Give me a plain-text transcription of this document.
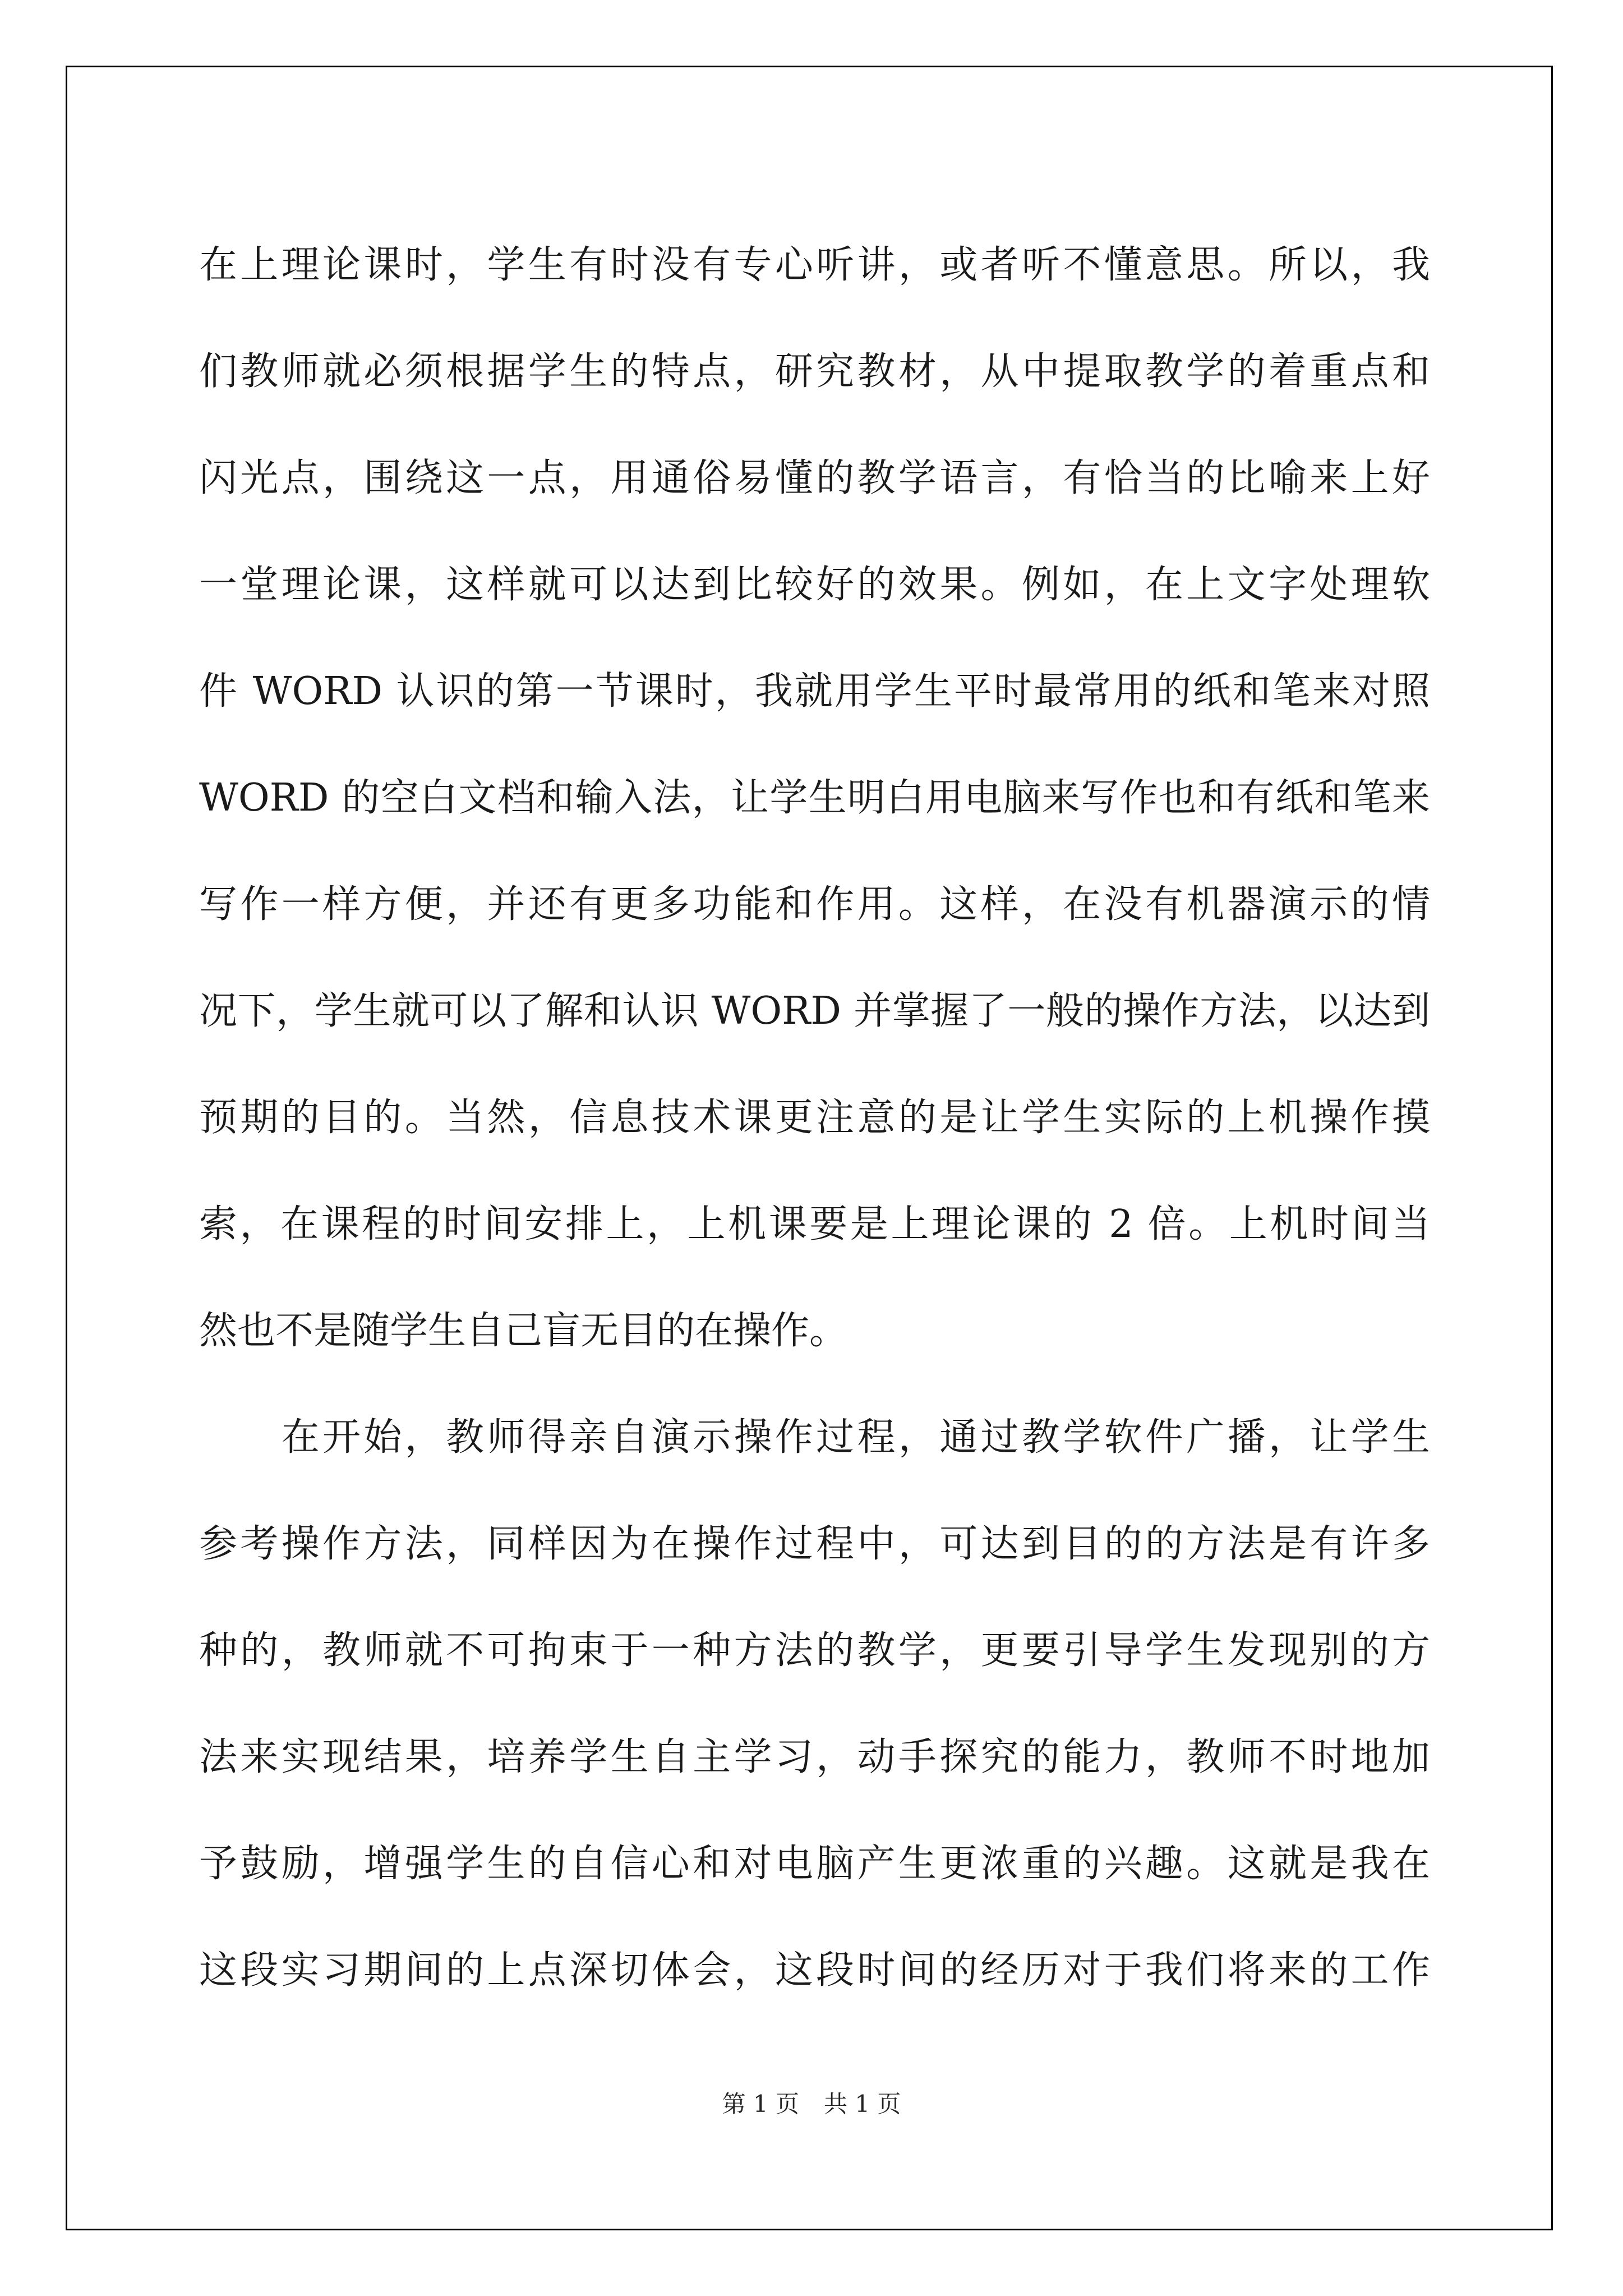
在上理论课时，学生有时没有专心听讲，或者听不懂意思。所以，我
们教师就必须根据学生的特点，研究教材，从中提取教学的着重点和
闪光点，围绕这一点，用通俗易懂的教学语言，有恰当的比喻来上好
一堂理论课，这样就可以达到比较好的效果。例如，在上文字处理软
件 WORD 认识的第一节课时，我就用学生平时最常用的纸和笔来对照
WORD 的空白文档和输入法，让学生明白用电脑来写作也和有纸和笔来
写作一样方便，并还有更多功能和作用。这样，在没有机器演示的情
况下，学生就可以了解和认识 WORD 并掌握了一般的操作方法，以达到
预期的目的。当然，信息技术课更注意的是让学生实际的上机操作摸
索，在课程的时间安排上，上机课要是上理论课的 2 倍。上机时间当
然也不是随学生自己盲无目的在操作。
　　在开始，教师得亲自演示操作过程，通过教学软件广播，让学生
参考操作方法，同样因为在操作过程中，可达到目的的方法是有许多
种的，教师就不可拘束于一种方法的教学，更要引导学生发现别的方
法来实现结果，培养学生自主学习，动手探究的能力，教师不时地加
予鼓励，增强学生的自信心和对电脑产生更浓重的兴趣。这就是我在
这段实习期间的上点深切体会，这段时间的经历对于我们将来的工作
第 1 页 共 1 页
